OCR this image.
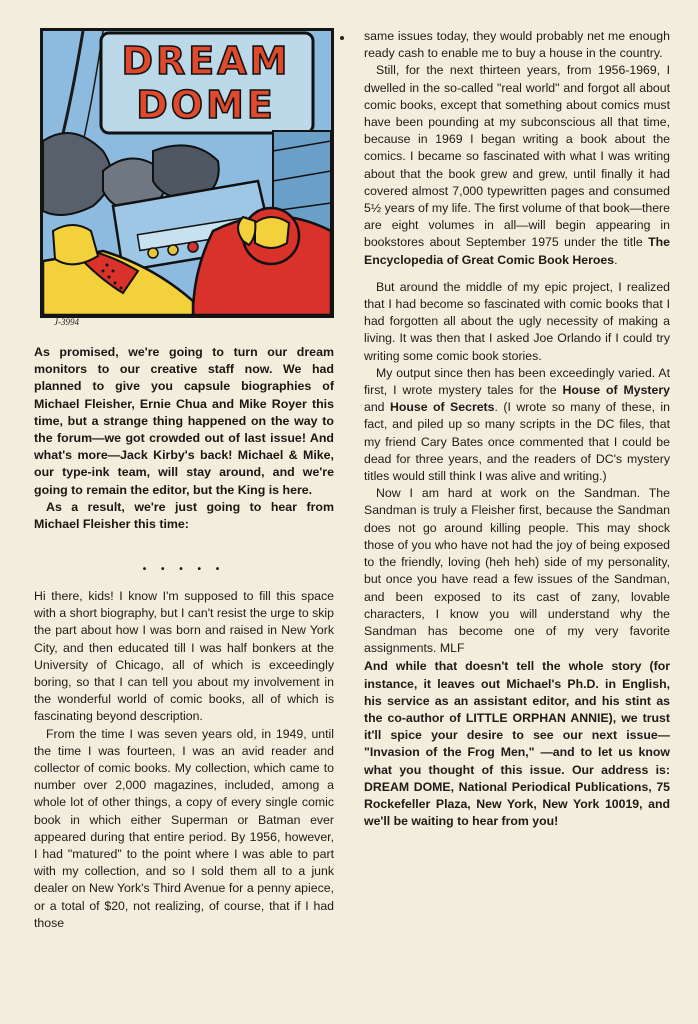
DREAM
DOME
J-3994

As promised, we're going to turn our dream monitors to our creative staff now. We had planned to give you capsule biographies of Michael Fleisher, Ernie Chua and Mike Royer this time, but a strange thing happened on the way to the forum—we got crowded out of last issue! And what's more—Jack Kirby's back! Michael & Mike, our type-ink team, will stay around, and we're going to remain the editor, but the King is here.

As a result, we're just going to hear from Michael Fleisher this time:

• • • • •

Hi there, kids! I know I'm supposed to fill this space with a short biography, but I can't resist the urge to skip the part about how I was born and raised in New York City, and then educated till I was half bonkers at the University of Chicago, all of which is exceedingly boring, so that I can tell you about my involvement in the wonderful world of comic books, all of which is fascinating beyond description.

From the time I was seven years old, in 1949, until the time I was fourteen, I was an avid reader and collector of comic books. My collection, which came to number over 2,000 magazines, included, among a whole lot of other things, a copy of every single comic book in which either Superman or Batman ever appeared during that entire period. By 1956, however, I had "matured" to the point where I was able to part with my collection, and so I sold them all to a junk dealer on New York's Third Avenue for a penny apiece, or a total of $20, not realizing, of course, that if I had those

same issues today, they would probably net me enough ready cash to enable me to buy a house in the country.

Still, for the next thirteen years, from 1956-1969, I dwelled in the so-called "real world" and forgot all about comic books, except that something about comics must have been pounding at my subconscious all that time, because in 1969 I began writing a book about the comics. I became so fascinated with what I was writing about that the book grew and grew, until finally it had covered almost 7,000 typewritten pages and consumed 5½ years of my life. The first volume of that book—there are eight volumes in all—will begin appearing in bookstores about September 1975 under the title The Encyclopedia of Great Comic Book Heroes.

But around the middle of my epic project, I realized that I had become so fascinated with comic books that I had forgotten all about the ugly necessity of making a living. It was then that I asked Joe Orlando if I could try writing some comic book stories.

My output since then has been exceedingly varied. At first, I wrote mystery tales for the House of Mystery and House of Secrets. (I wrote so many of these, in fact, and piled up so many scripts in the DC files, that my friend Cary Bates once commented that I could be dead for three years, and the readers of DC's mystery titles would still think I was alive and writing.)

Now I am hard at work on the Sandman. The Sandman is truly a Fleisher first, because the Sandman does not go around killing people. This may shock those of you who have not had the joy of being exposed to the friendly, loving (heh heh) side of my personality, but once you have read a few issues of the Sandman, and been exposed to its cast of zany, lovable characters, I know you will understand why the Sandman has become one of my very favorite assignments. MLF

And while that doesn't tell the whole story (for instance, it leaves out Michael's Ph.D. in English, his service as an assistant editor, and his stint as the co-author of LITTLE ORPHAN ANNIE), we trust it'll spice your desire to see our next issue— "Invasion of the Frog Men," —and to let us know what you thought of this issue. Our address is: DREAM DOME, National Periodical Publications, 75 Rockefeller Plaza, New York, New York 10019, and we'll be waiting to hear from you!
